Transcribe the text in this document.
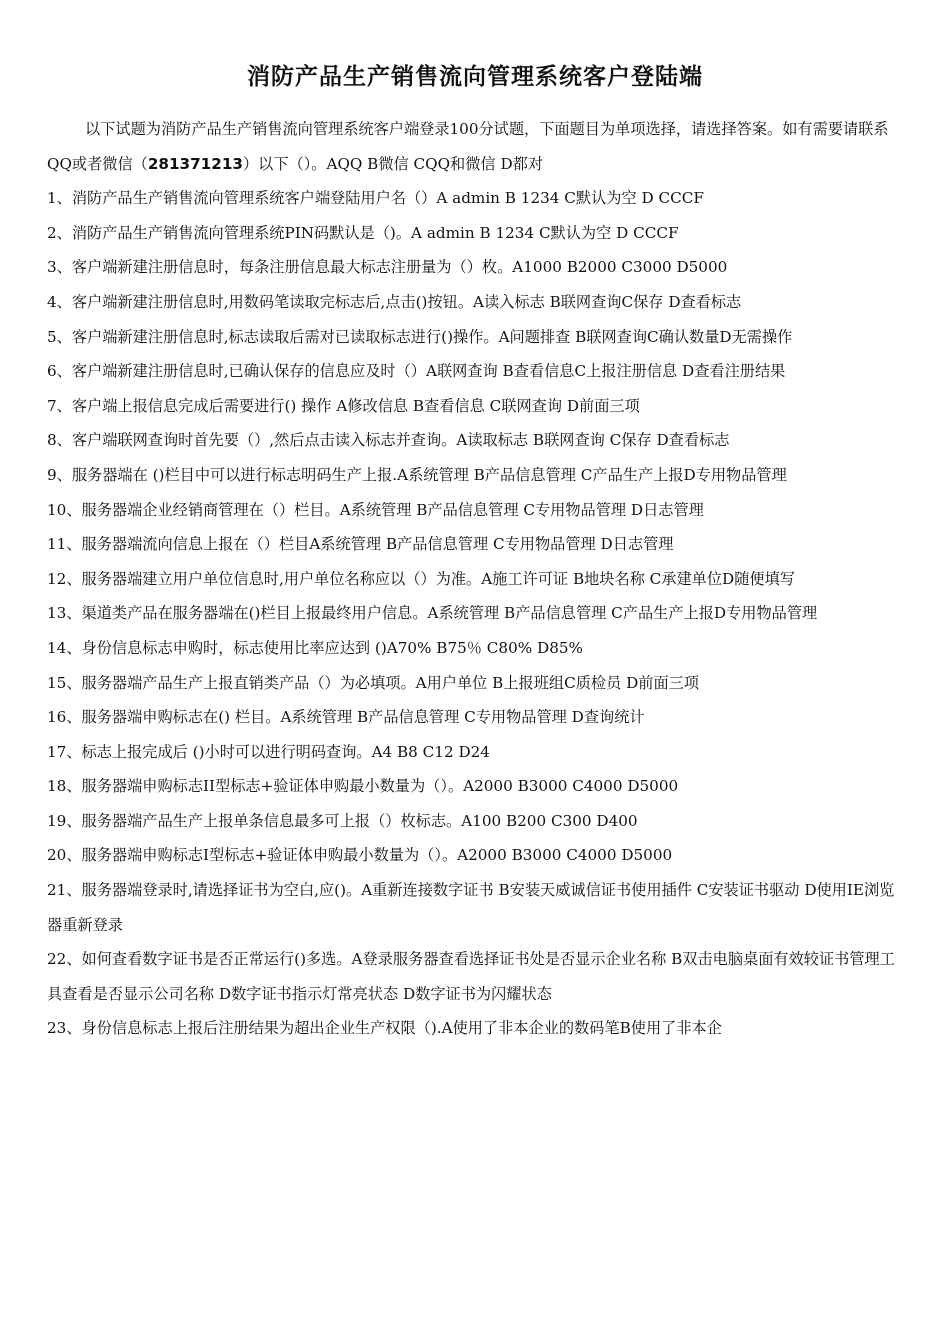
消防产品生产销售流向管理系统客户登陆端

以下试题为消防产品生产销售流向管理系统客户端登录100分试题，下面题目为单项选择，请选择答案。如有需要请联系QQ或者微信（281371213）以下（）。AQQ B微信 CQQ和微信 D都对

1、消防产品生产销售流向管理系统客户端登陆用户名（）A admin B 1234 C默认为空 D CCCF

2、消防产品生产销售流向管理系统PIN码默认是（)。A admin B 1234 C默认为空 D CCCF

3、客户端新建注册信息时，每条注册信息最大标志注册量为（）枚。A1000 B2000 C3000 D5000

4、客户端新建注册信息时,用数码笔读取完标志后,点击()按钮。A读入标志 B联网查询C保存 D查看标志

5、客户端新建注册信息时,标志读取后需对已读取标志进行()操作。A问题排查 B联网查询C确认数量D无需操作

6、客户端新建注册信息时,已确认保存的信息应及时（）A联网查询 B查看信息C上报注册信息 D查看注册结果

7、客户端上报信息完成后需要进行() 操作 A修改信息 B查看信息 C联网查询 D前面三项

8、客户端联网查询时首先要（）,然后点击读入标志并查询。A读取标志 B联网查询 C保存 D查看标志

9、服务器端在 ()栏目中可以进行标志明码生产上报.A系统管理 B产品信息管理 C产品生产上报D专用物品管理

10、服务器端企业经销商管理在（）栏目。A系统管理 B产品信息管理 C专用物品管理 D日志管理

11、服务器端流向信息上报在（）栏目A系统管理 B产品信息管理 C专用物品管理 D日志管理

12、服务器端建立用户单位信息时,用户单位名称应以（）为准。A施工许可证 B地块名称 C承建单位D随便填写

13、渠道类产品在服务器端在()栏目上报最终用户信息。A系统管理 B产品信息管理 C产品生产上报D专用物品管理

14、身份信息标志申购时，标志使用比率应达到 ()A70% B75％ C80% D85%

15、服务器端产品生产上报直销类产品（）为必填项。A用户单位 B上报班组C质检员 D前面三项

16、服务器端申购标志在() 栏目。A系统管理 B产品信息管理 C专用物品管理 D查询统计

17、标志上报完成后 ()小时可以进行明码查询。A4 B8 C12 D24

18、服务器端申购标志II型标志+验证体申购最小数量为（）。A2000 B3000 C4000 D5000

19、服务器端产品生产上报单条信息最多可上报（）枚标志。A100 B200 C300 D400

20、服务器端申购标志I型标志+验证体申购最小数量为（）。A2000 B3000 C4000 D5000

21、服务器端登录时,请选择证书为空白,应()。A重新连接数字证书 B安装天威诚信证书使用插件 C安装证书驱动 D使用IE浏览器重新登录

22、如何查看数字证书是否正常运行()多选。A登录服务器查看选择证书处是否显示企业名称 B双击电脑桌面有效较证书管理工具查看是否显示公司名称 D数字证书指示灯常亮状态 D数字证书为闪耀状态

23、身份信息标志上报后注册结果为超出企业生产权限（).A使用了非本企业的数码笔B使用了非本企
